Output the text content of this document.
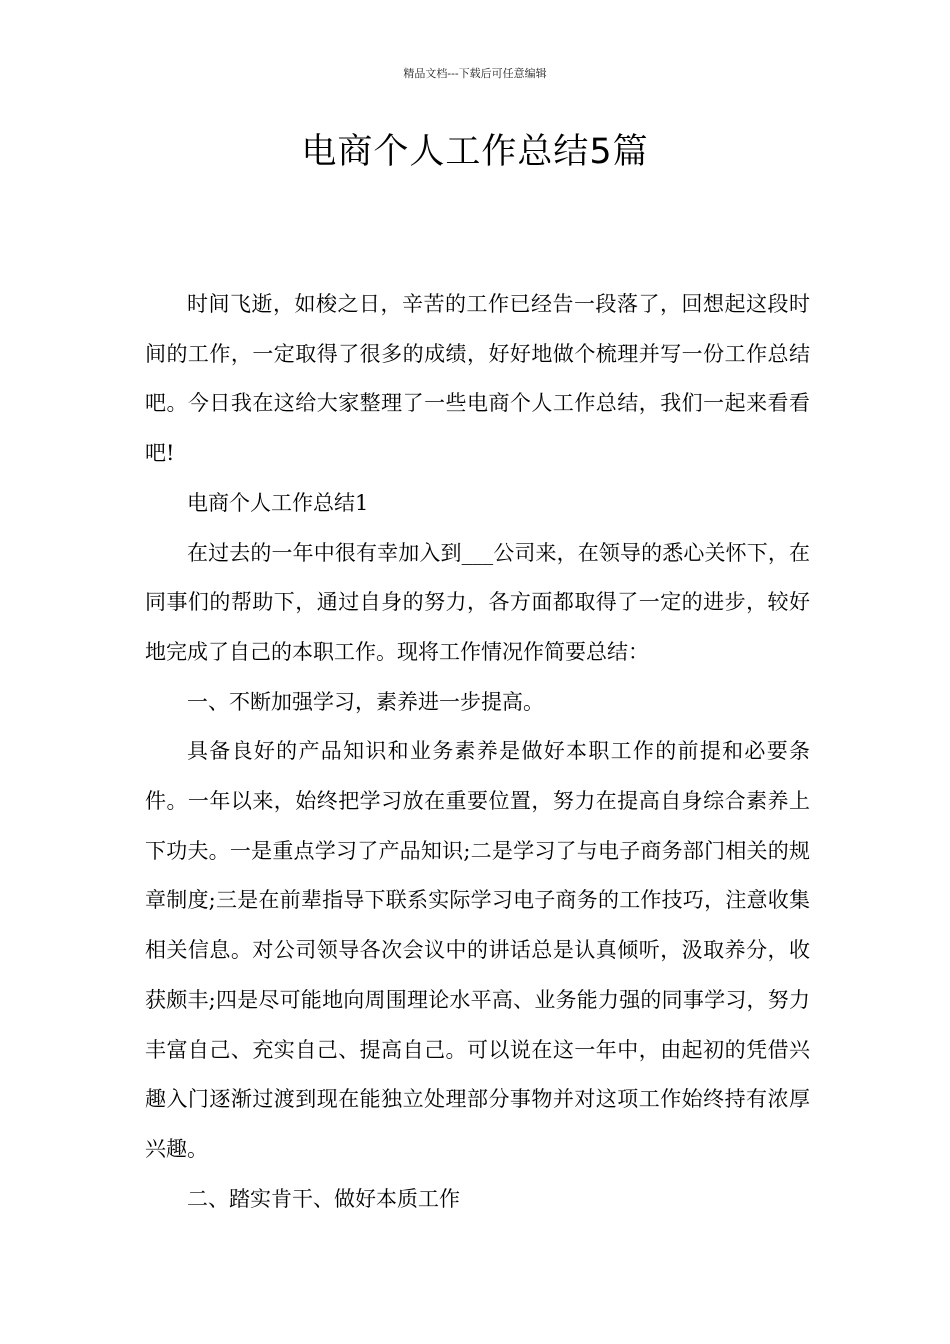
精品文档---下载后可任意编辑
电商个人工作总结5篇

时间飞逝，如梭之日，辛苦的工作已经告一段落了，回想起这段时间的工作，一定取得了很多的成绩，好好地做个梳理并写一份工作总结吧。今日我在这给大家整理了一些电商个人工作总结，我们一起来看看吧!

电商个人工作总结1

在过去的一年中很有幸加入到___公司来，在领导的悉心关怀下，在同事们的帮助下，通过自身的努力，各方面都取得了一定的进步，较好地完成了自己的本职工作。现将工作情况作简要总结：

一、不断加强学习，素养进一步提高。

具备良好的产品知识和业务素养是做好本职工作的前提和必要条件。一年以来，始终把学习放在重要位置，努力在提高自身综合素养上下功夫。一是重点学习了产品知识;二是学习了与电子商务部门相关的规章制度;三是在前辈指导下联系实际学习电子商务的工作技巧，注意收集相关信息。对公司领导各次会议中的讲话总是认真倾听，汲取养分，收获颇丰;四是尽可能地向周围理论水平高、业务能力强的同事学习，努力丰富自己、充实自己、提高自己。可以说在这一年中，由起初的凭借兴趣入门逐渐过渡到现在能独立处理部分事物并对这项工作始终持有浓厚兴趣。

二、踏实肯干、做好本质工作
